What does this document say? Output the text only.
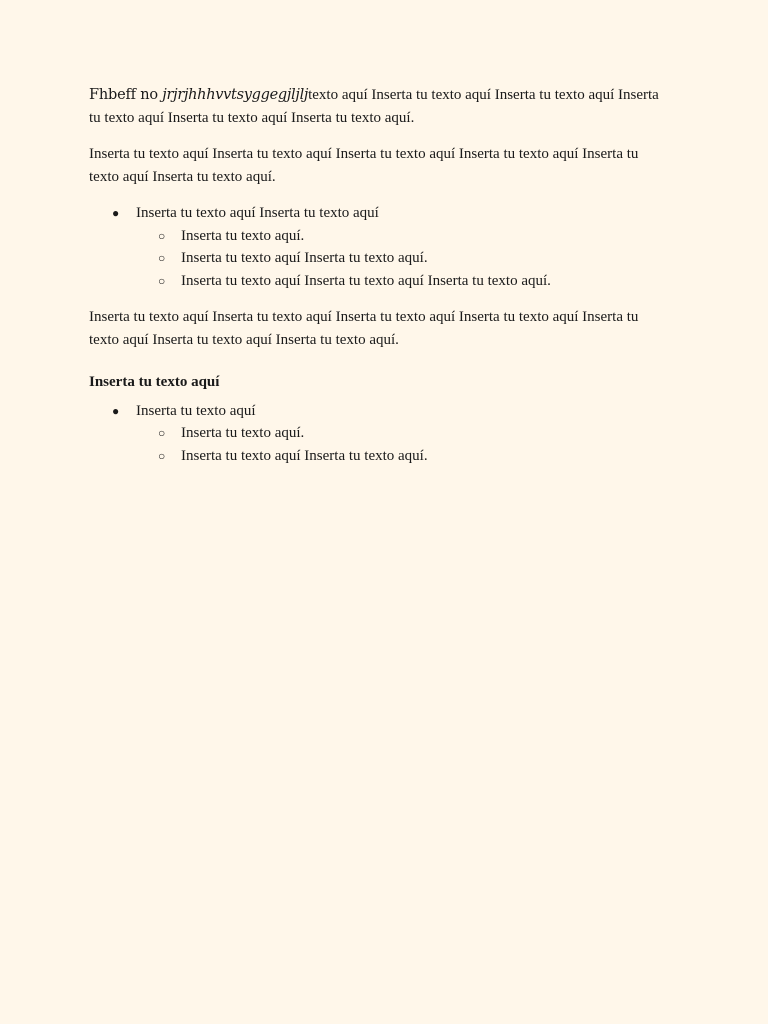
Fhbeff no jrjrjhhhvvtsyggegjljljtexto aquí Inserta tu texto aquí Inserta tu texto aquí Inserta tu texto aquí Inserta tu texto aquí Inserta tu texto aquí.

Inserta tu texto aquí Inserta tu texto aquí Inserta tu texto aquí Inserta tu texto aquí Inserta tu texto aquí Inserta tu texto aquí.

● Inserta tu texto aquí Inserta tu texto aquí
○ Inserta tu texto aquí.
○ Inserta tu texto aquí Inserta tu texto aquí.
○ Inserta tu texto aquí Inserta tu texto aquí Inserta tu texto aquí.

Inserta tu texto aquí Inserta tu texto aquí Inserta tu texto aquí Inserta tu texto aquí Inserta tu texto aquí Inserta tu texto aquí Inserta tu texto aquí.

Inserta tu texto aquí
● Inserta tu texto aquí
○ Inserta tu texto aquí.
○ Inserta tu texto aquí Inserta tu texto aquí.
